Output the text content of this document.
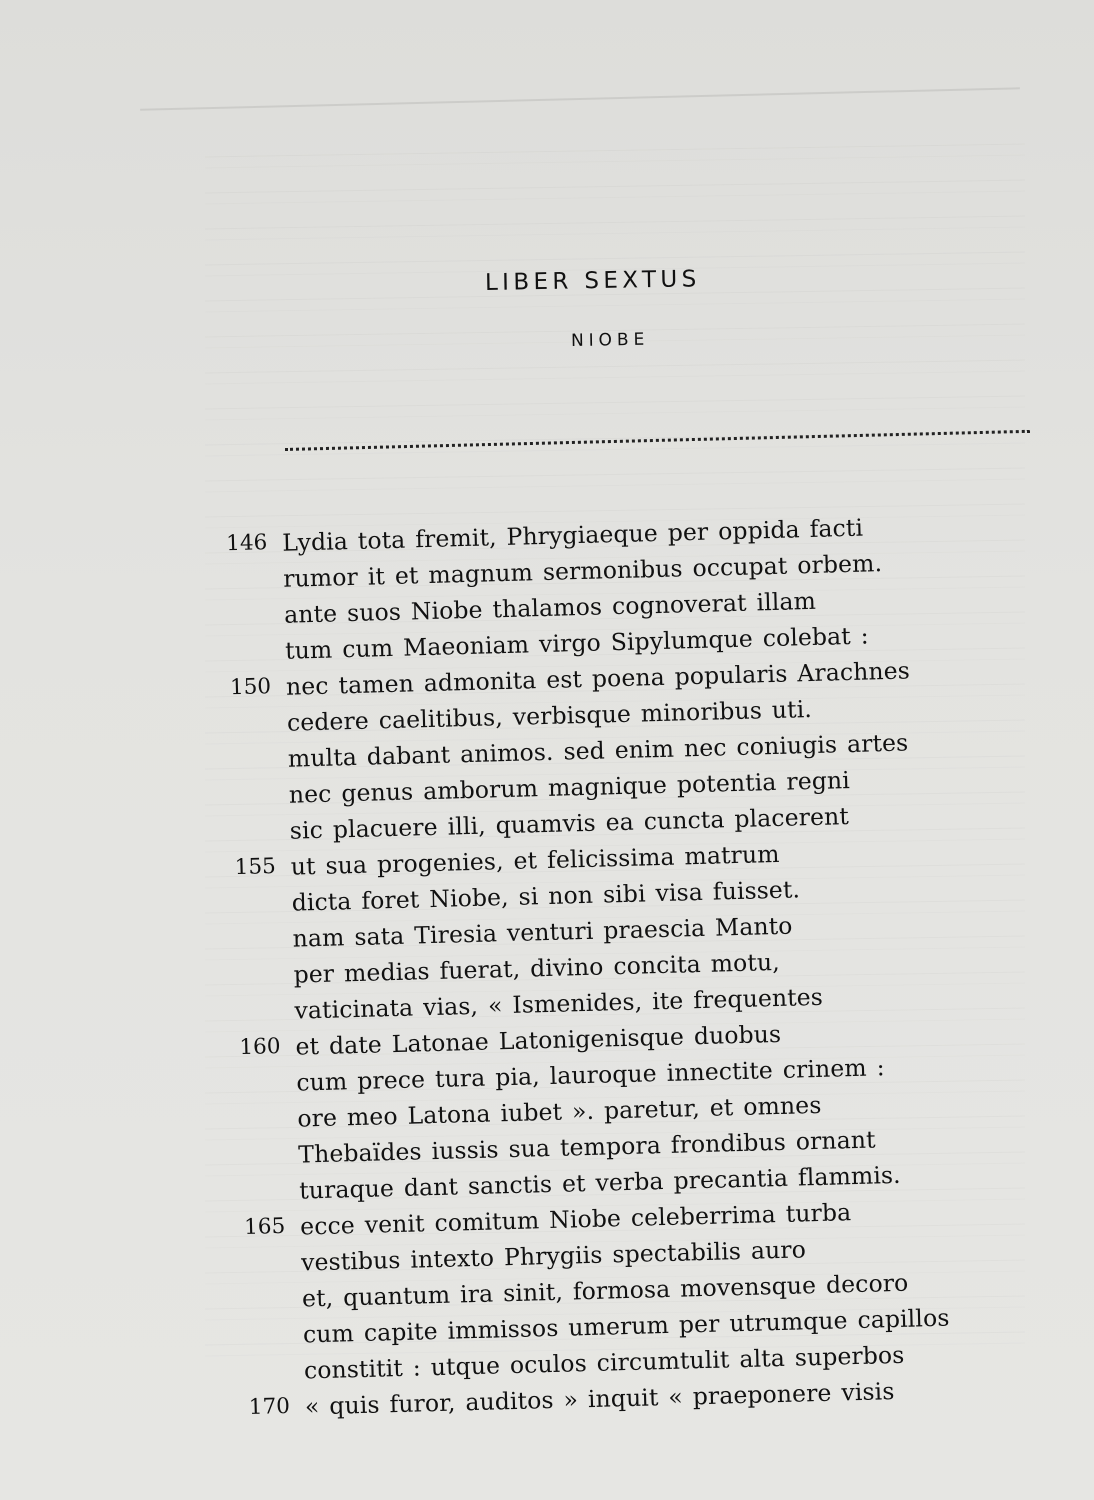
LIBER SEXTUS
NIOBE
146 Lydia tota fremit, Phrygiaeque per oppida facti
rumor it et magnum sermonibus occupat orbem.
ante suos Niobe thalamos cognoverat illam
tum cum Maeoniam virgo Sipylumque colebat :
150 nec tamen admonita est poena popularis Arachnes
cedere caelitibus, verbisque minoribus uti.
multa dabant animos. sed enim nec coniugis artes
nec genus amborum magnique potentia regni
sic placuere illi, quamvis ea cuncta placerent
155 ut sua progenies, et felicissima matrum
dicta foret Niobe, si non sibi visa fuisset.
nam sata Tiresia venturi praescia Manto
per medias fuerat, divino concita motu,
vaticinata vias, « Ismenides, ite frequentes
160 et date Latonae Latonigenisque duobus
cum prece tura pia, lauroque innectite crinem :
ore meo Latona iubet ». paretur, et omnes
Thebaïdes iussis sua tempora frondibus ornant
turaque dant sanctis et verba precantia flammis.
165 ecce venit comitum Niobe celeberrima turba
vestibus intexto Phrygiis spectabilis auro
et, quantum ira sinit, formosa movensque decoro
cum capite immissos umerum per utrumque capillos
constitit : utque oculos circumtulit alta superbos
170 « quis furor, auditos » inquit « praeponere visis
